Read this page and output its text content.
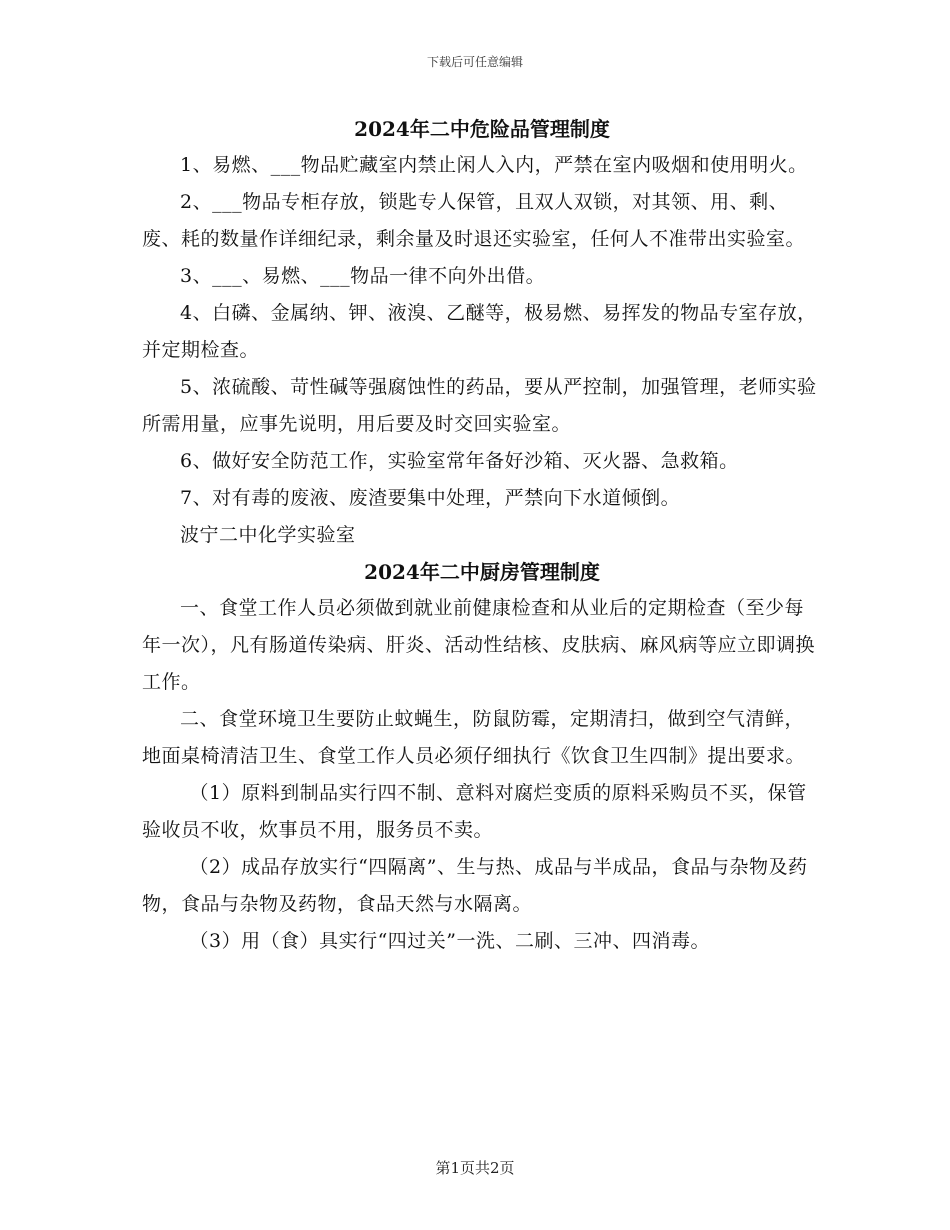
下载后可任意编辑
2024年二中危险品管理制度

1、易燃、___物品贮藏室内禁止闲人入内，严禁在室内吸烟和使用明火。

2、___物品专柜存放，锁匙专人保管，且双人双锁，对其领、用、剩、废、耗的数量作详细纪录，剩余量及时退还实验室，任何人不准带出实验室。

3、___、易燃、___物品一律不向外出借。

4、白磷、金属纳、钾、液溴、乙醚等，极易燃、易挥发的物品专室存放，并定期检查。

5、浓硫酸、苛性碱等强腐蚀性的药品，要从严控制，加强管理，老师实验所需用量，应事先说明，用后要及时交回实验室。

6、做好安全防范工作，实验室常年备好沙箱、灭火器、急救箱。

7、对有毒的废液、废渣要集中处理，严禁向下水道倾倒。

波宁二中化学实验室

2024年二中厨房管理制度

一、食堂工作人员必须做到就业前健康检查和从业后的定期检查（至少每年一次），凡有肠道传染病、肝炎、活动性结核、皮肤病、麻风病等应立即调换工作。

二、食堂环境卫生要防止蚊蝇生，防鼠防霉，定期清扫，做到空气清鲜，地面桌椅清洁卫生、食堂工作人员必须仔细执行《饮食卫生四制》提出要求。

（1）原料到制品实行四不制、意料对腐烂变质的原料采购员不买，保管验收员不收，炊事员不用，服务员不卖。

（2）成品存放实行“四隔离”、生与热、成品与半成品，食品与杂物及药物，食品与杂物及药物，食品天然与水隔离。

（3）用（食）具实行“四过关”一洗、二刷、三冲、四消毒。

第1页共2页
